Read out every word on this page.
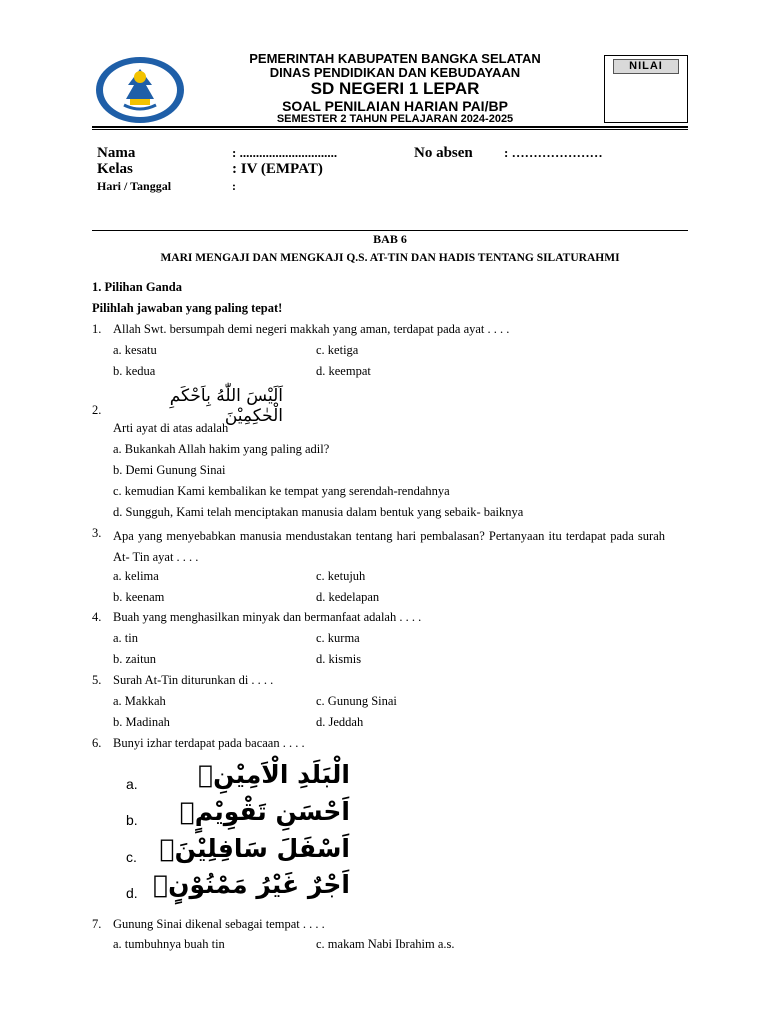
PEMERINTAH KABUPATEN BANGKA SELATAN
DINAS PENDIDIKAN DAN KEBUDAYAAN
SD NEGERI 1 LEPAR
SOAL PENILAIAN HARIAN PAI/BP
SEMESTER 2 TAHUN PELAJARAN 2024-2025
NILAI
Nama	: ..............................	No absen : …………………
Kelas	: IV (EMPAT)
Hari / Tanggal	:
BAB 6
MARI MENGAJI DAN MENGKAJI Q.S. AT-TIN DAN HADIS TENTANG SILATURAHMI
1. Pilihan Ganda
Pilihlah jawaban yang paling tepat!
1. Allah Swt. bersumpah demi negeri makkah yang aman, terdapat pada ayat . . . .
a. kesatu
b. kedua
c. ketiga
d. keempat
اَلَيْسَ اللّٰهُ بِاَحْكَمِ الْحٰكِمِيْنَ
2.
Arti ayat di atas adalah
a. Bukankah Allah hakim yang paling adil?
b. Demi Gunung Sinai
c. kemudian Kami kembalikan ke tempat yang serendah-rendahnya
d. Sungguh, Kami telah menciptakan manusia dalam bentuk yang sebaik- baiknya
3. Apa yang menyebabkan manusia mendustakan tentang hari pembalasan? Pertanyaan itu terdapat pada surah At- Tin ayat . . . .
a. kelima
b. keenam
c. ketujuh
d. kedelapan
4. Buah yang menghasilkan minyak dan bermanfaat adalah . . . .
a. tin
b. zaitun
c. kurma
d. kismis
5. Surah At-Tin diturunkan di . . . .
a. Makkah
b. Madinah
c. Gunung Sinai
d. Jeddah
6. Bunyi izhar terdapat pada bacaan . . . .
a.	الْبَلَدِ الْاَمِيْنِۙ
b.	اَحْسَنِ تَقْوِيْمٍۖ
c. اَسْفَلَ سَافِلِيْنَۙ
d. اَجْرٌ غَيْرُ مَمْنُوْنٍۗ
7. Gunung Sinai dikenal sebagai tempat . . . .
a. tumbuhnya buah tin	c. makam Nabi Ibrahim a.s.
